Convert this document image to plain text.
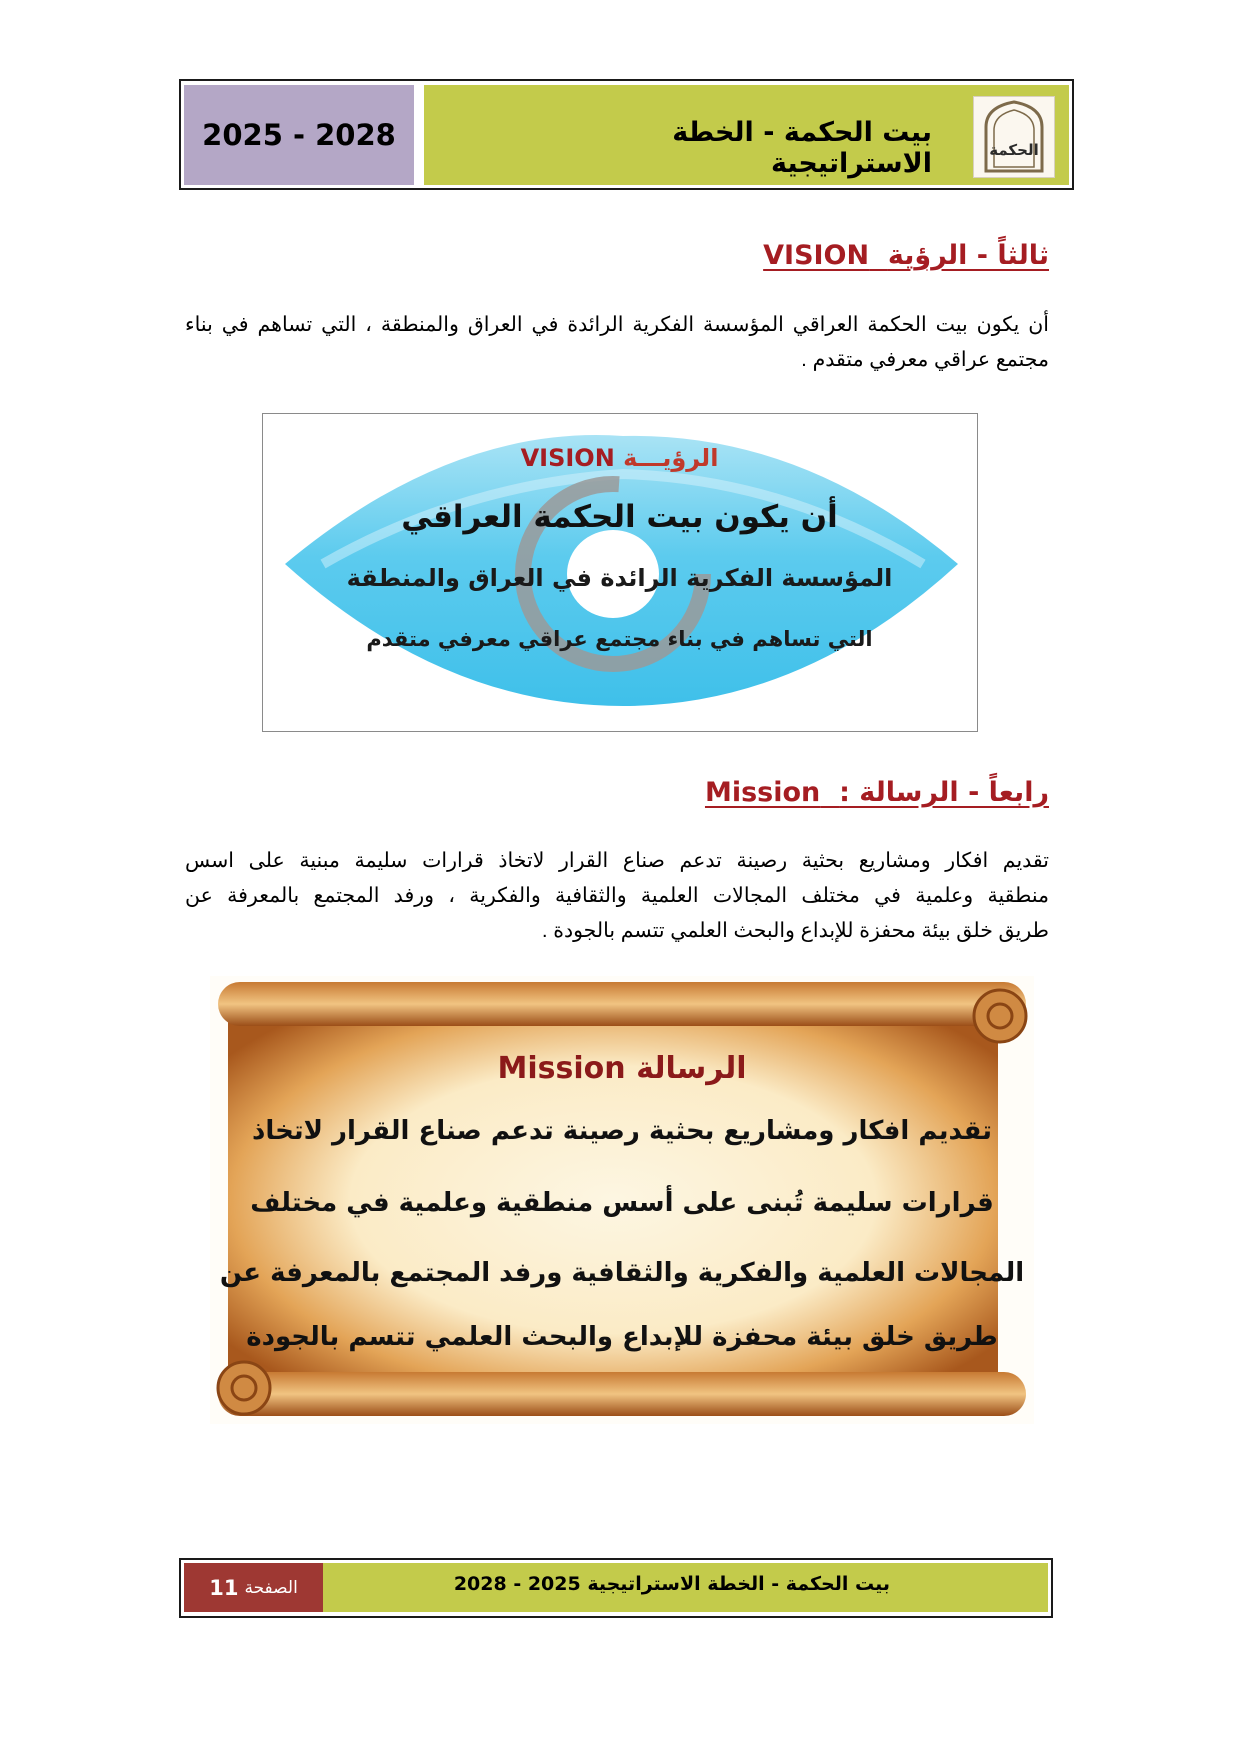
2025 - 2028	بيت الحكمة - الخطة الاستراتيجية	الحكمة
ثالثاً - الرؤية  VISION
أن يكون بيت الحكمة العراقي المؤسسة الفكرية الرائدة في العراق والمنطقة ، التي تساهم في بناء
مجتمع عراقي معرفي متقدم .
الرؤيـــة VISION
أن يكون بيت الحكمة العراقي
المؤسسة الفكرية الرائدة في العراق والمنطقة
التي تساهم في بناء مجتمع عراقي معرفي متقدم
رابعاً - الرسالة :  Mission
تقديم افكار ومشاريع بحثية رصينة تدعم صناع القرار لاتخاذ قرارات سليمة مبنية على اسس
منطقية وعلمية في مختلف المجالات العلمية والثقافية والفكرية ، ورفد المجتمع بالمعرفة عن
طريق خلق بيئة محفزة للإبداع والبحث العلمي تتسم بالجودة .
الرسالة Mission
تقديم افكار ومشاريع بحثية رصينة تدعم صناع القرار لاتخاذ
قرارات سليمة تُبنى على أسس منطقية وعلمية في مختلف
المجالات العلمية والفكرية والثقافية ورفد المجتمع بالمعرفة عن
طريق خلق بيئة محفزة للإبداع والبحث العلمي تتسم بالجودة
بيت الحكمة - الخطة الاستراتيجية 2025 - 2028
الصفحة
11
